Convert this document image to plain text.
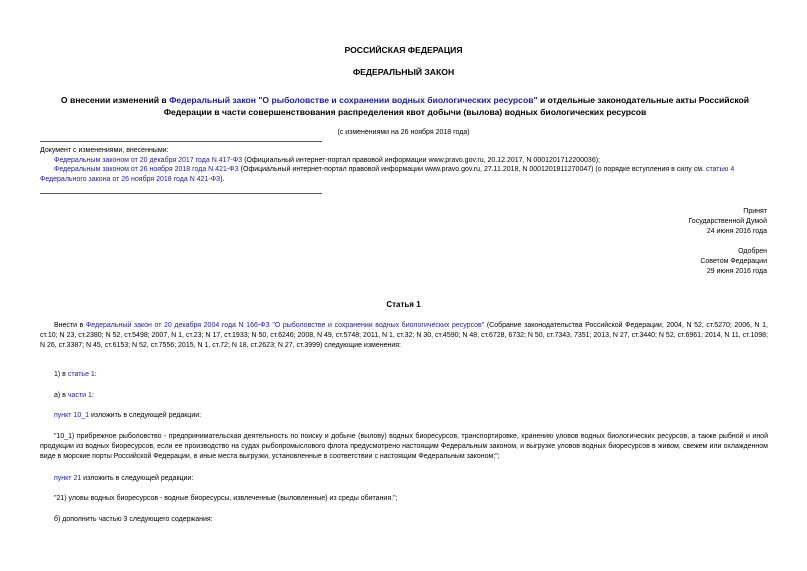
РОССИЙСКАЯ ФЕДЕРАЦИЯ
ФЕДЕРАЛЬНЫЙ ЗАКОН
О внесении изменений в Федеральный закон "О рыболовстве и сохранении водных биологических ресурсов" и отдельные законодательные акты Российской Федерации в части совершенствования распределения квот добычи (вылова) водных биологических ресурсов
(с изменениями на 26 ноября 2018 года)

Документ с изменениями, внесенными:

Федеральным законом от 20 декабря 2017 года N 417-ФЗ (Официальный интернет-портал правовой информации www.pravo.gov.ru, 20.12.2017, N 0001201712200036);

Федеральным законом от 26 ноября 2018 года N 421-ФЗ (Официальный интернет-портал правовой информации www.pravo.gov.ru, 27.11.2018, N 0001201811270047) (о порядке вступления в силу см. статью 4 Федерального закона от 26 ноября 2018 года N 421-ФЗ).

Принят
Государственной Думой
24 июня 2016 года
Одобрен
Советом Федерации
29 июня 2016 года
Статья 1

Внести в Федеральный закон от 20 декабря 2004 года N 166-ФЗ "О рыболовстве и сохранении водных биологических ресурсов" (Собрание законодательства Российской Федерации, 2004, N 52, ст.5270; 2006, N 1, ст.10; N 23, ст.2380; N 52, ст.5498; 2007, N 1, ст.23; N 17, ст.1933; N 50, ст.6246; 2008, N 49, ст.5748; 2011, N 1, ст.32; N 30, ст.4590; N 48, ст.6728, 6732; N 50, ст.7343, 7351; 2013, N 27, ст.3440; N 52, ст.6961; 2014, N 11, ст.1098; N 26, ст.3387; N 45, ст.6153; N 52, ст.7556; 2015, N 1, ст.72; N 18, ст.2623; N 27, ст.3999) следующие изменения:

1) в статье 1:
а) в части 1:
пункт 10_1 изложить в следующей редакции:

"10_1) прибрежное рыболовство - предпринимательская деятельность по поиску и добыче (вылову) водных биоресурсов, транспортировке, хранению уловов водных биологических ресурсов, а также рыбной и иной продукции из водных биоресурсов, если ее производство на судах рыбопромыслового флота предусмотрено настоящим Федеральным законом, и выгрузке уловов водных биоресурсов в живом, свежем или охлажденном виде в морские порты Российской Федерации, в иные места выгрузки, установленные в соответствии с настоящим Федеральным законом;";

пункт 21 изложить в следующей редакции:
"21) уловы водных биоресурсов - водные биоресурсы, извлеченные (выловленные) из среды обитания.";
б) дополнить частью 3 следующего содержания:
